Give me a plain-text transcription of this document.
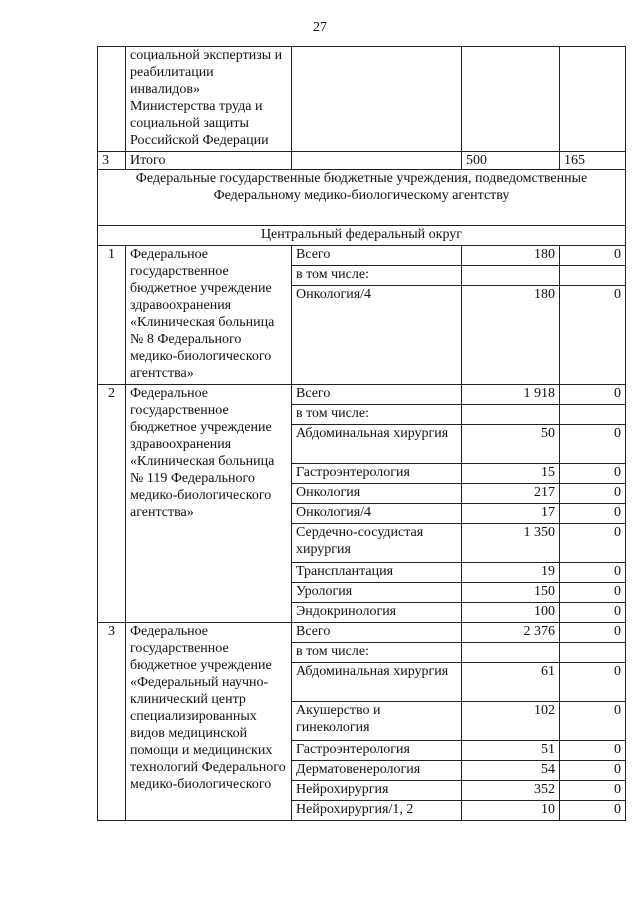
27
	социальной экспертизы и реабилитации инвалидов» Министерства труда и социальной защиты Российской Федерации			
3	Итого		500	165
Федеральные государственные бюджетные учреждения, подведомственные Федеральному медико-биологическому агентству				
Центральный федеральный округ				
1	Федеральное государственное бюджетное учреждение здравоохранения «Клиническая больница № 8 Федерального медико-биологического агентства»	Всего	180	0
		в том числе:		
		Онкология/4	180	0
2	Федеральное государственное бюджетное учреждение здравоохранения «Клиническая больница № 119 Федерального медико-биологического агентства»	Всего	1 918	0
		в том числе:		
		Абдоминальная хирургия	50	0
		Гастроэнтерология	15	0
		Онкология	217	0
		Онкология/4	17	0
		Сердечно-сосудистая хирургия	1 350	0
		Трансплантация	19	0
		Урология	150	0
		Эндокринология	100	0
3	Федеральное государственное бюджетное учреждение «Федеральный научно-клинический центр специализированных видов медицинской помощи и медицинских технологий Федерального медико-биологического	Всего	2 376	0
		в том числе:		
		Абдоминальная хирургия	61	0
		Акушерство и гинекология	102	0
		Гастроэнтерология	51	0
		Дерматовенерология	54	0
		Нейрохирургия	352	0
		Нейрохирургия/1, 2	10	0
